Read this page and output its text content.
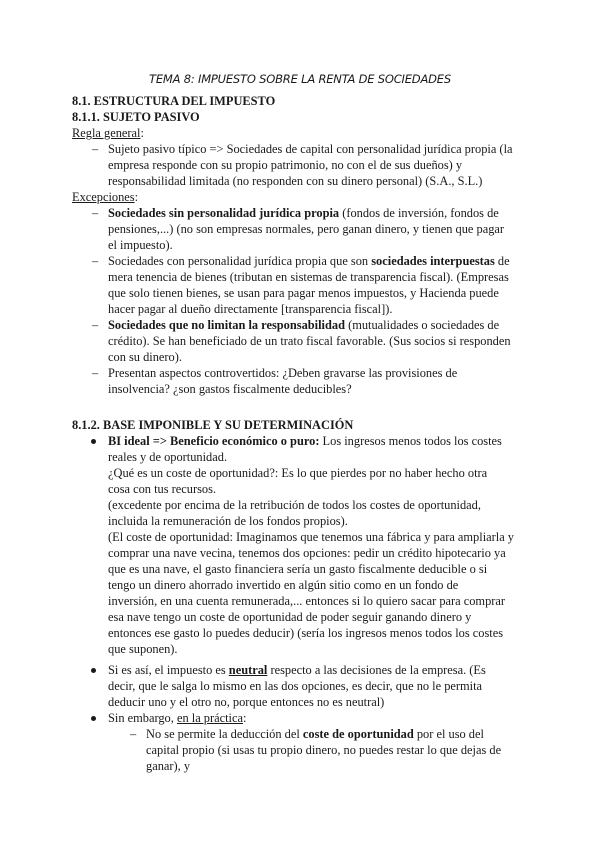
TEMA 8: IMPUESTO SOBRE LA RENTA DE SOCIEDADES
8.1. ESTRUCTURA DEL IMPUESTO
8.1.1. SUJETO PASIVO
Regla general:
– Sujeto pasivo típico => Sociedades de capital con personalidad jurídica propia (la
empresa responde con su propio patrimonio, no con el de sus dueños) y
responsabilidad limitada (no responden con su dinero personal) (S.A., S.L.)
Excepciones:
– Sociedades sin personalidad jurídica propia (fondos de inversión, fondos de
pensiones,...) (no son empresas normales, pero ganan dinero, y tienen que pagar
el impuesto).
– Sociedades con personalidad jurídica propia que son sociedades interpuestas de
mera tenencia de bienes (tributan en sistemas de transparencia fiscal). (Empresas
que solo tienen bienes, se usan para pagar menos impuestos, y Hacienda puede
hacer pagar al dueño directamente [transparencia fiscal]).
– Sociedades que no limitan la responsabilidad (mutualidades o sociedades de
crédito). Se han beneficiado de un trato fiscal favorable. (Sus socios si responden
con su dinero).
– Presentan aspectos controvertidos: ¿Deben gravarse las provisiones de
insolvencia? ¿son gastos fiscalmente deducibles?
8.1.2. BASE IMPONIBLE Y SU DETERMINACIÓN
BI ideal => Beneficio económico o puro: Los ingresos menos todos los costes
reales y de oportunidad.
¿Qué es un coste de oportunidad?: Es lo que pierdes por no haber hecho otra
cosa con tus recursos.
(excedente por encima de la retribución de todos los costes de oportunidad,
incluida la remuneración de los fondos propios).
(El coste de oportunidad: Imaginamos que tenemos una fábrica y para ampliarla y
comprar una nave vecina, tenemos dos opciones: pedir un crédito hipotecario ya
que es una nave, el gasto financiera sería un gasto fiscalmente deducible o si
tengo un dinero ahorrado invertido en algún sitio como en un fondo de
inversión, en una cuenta remunerada,... entonces si lo quiero sacar para comprar
esa nave tengo un coste de oportunidad de poder seguir ganando dinero y
entonces ese gasto lo puedes deducir) (sería los ingresos menos todos los costes
que suponen).
Si es así, el impuesto es neutral respecto a las decisiones de la empresa. (Es
decir, que le salga lo mismo en las dos opciones, es decir, que no le permita
deducir uno y el otro no, porque entonces no es neutral)
Sin embargo, en la práctica:
– No se permite la deducción del coste de oportunidad por el uso del
capital propio (si usas tu propio dinero, no puedes restar lo que dejas de
ganar), y
